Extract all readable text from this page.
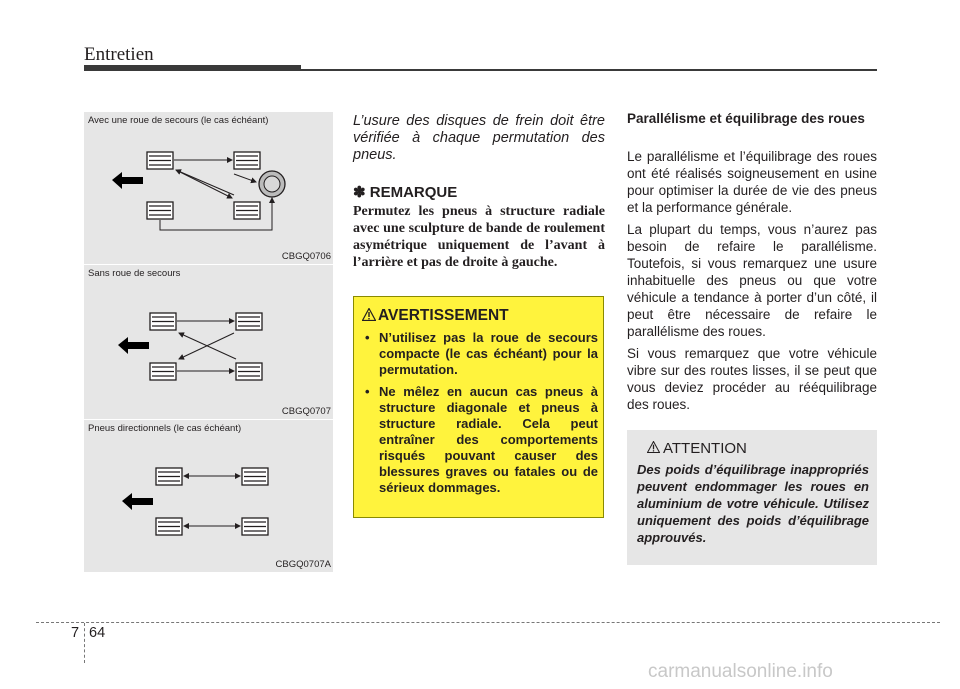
Entretien
Avec une roue de secours (le cas échéant)
CBGQ0706
Sans roue de secours
CBGQ0707
Pneus directionnels (le cas échéant)
CBGQ0707A
L’usure des disques de frein doit être vérifiée à chaque permutation des pneus.
✽ REMARQUE
Permutez les pneus à structure radiale avec une sculpture de bande de roulement asymétrique uniquement de l’avant à l’arrière et pas de droite à gauche.
AVERTISSEMENT
• N’utilisez pas la roue de secours compacte (le cas échéant) pour la permutation.
• Ne mêlez en aucun cas pneus à structure diagonale et pneus à structure radiale. Cela peut entraîner des comportements risqués pouvant causer des blessures graves ou fatales ou de sérieux dommages.
Parallélisme et équilibrage des roues

Le parallélisme et l’équilibrage des roues ont été réalisés soigneusement en usine pour optimiser la durée de vie des pneus et la performance générale.

La plupart du temps, vous n’aurez pas besoin de refaire le parallélisme. Toutefois, si vous remarquez une usure inhabituelle des pneus ou que votre véhicule a tendance à porter d’un côté, il peut être nécessaire de refaire le parallélisme des roues.

Si vous remarquez que votre véhicule vibre sur des routes lisses, il se peut que vous deviez procéder au rééquilibrage des roues.

ATTENTION
Des poids d’équilibrage inappropriés peuvent endommager les roues en aluminium de votre véhicule. Utilisez uniquement des poids d’équilibrage approuvés.
7 64
carmanualsonline.info
